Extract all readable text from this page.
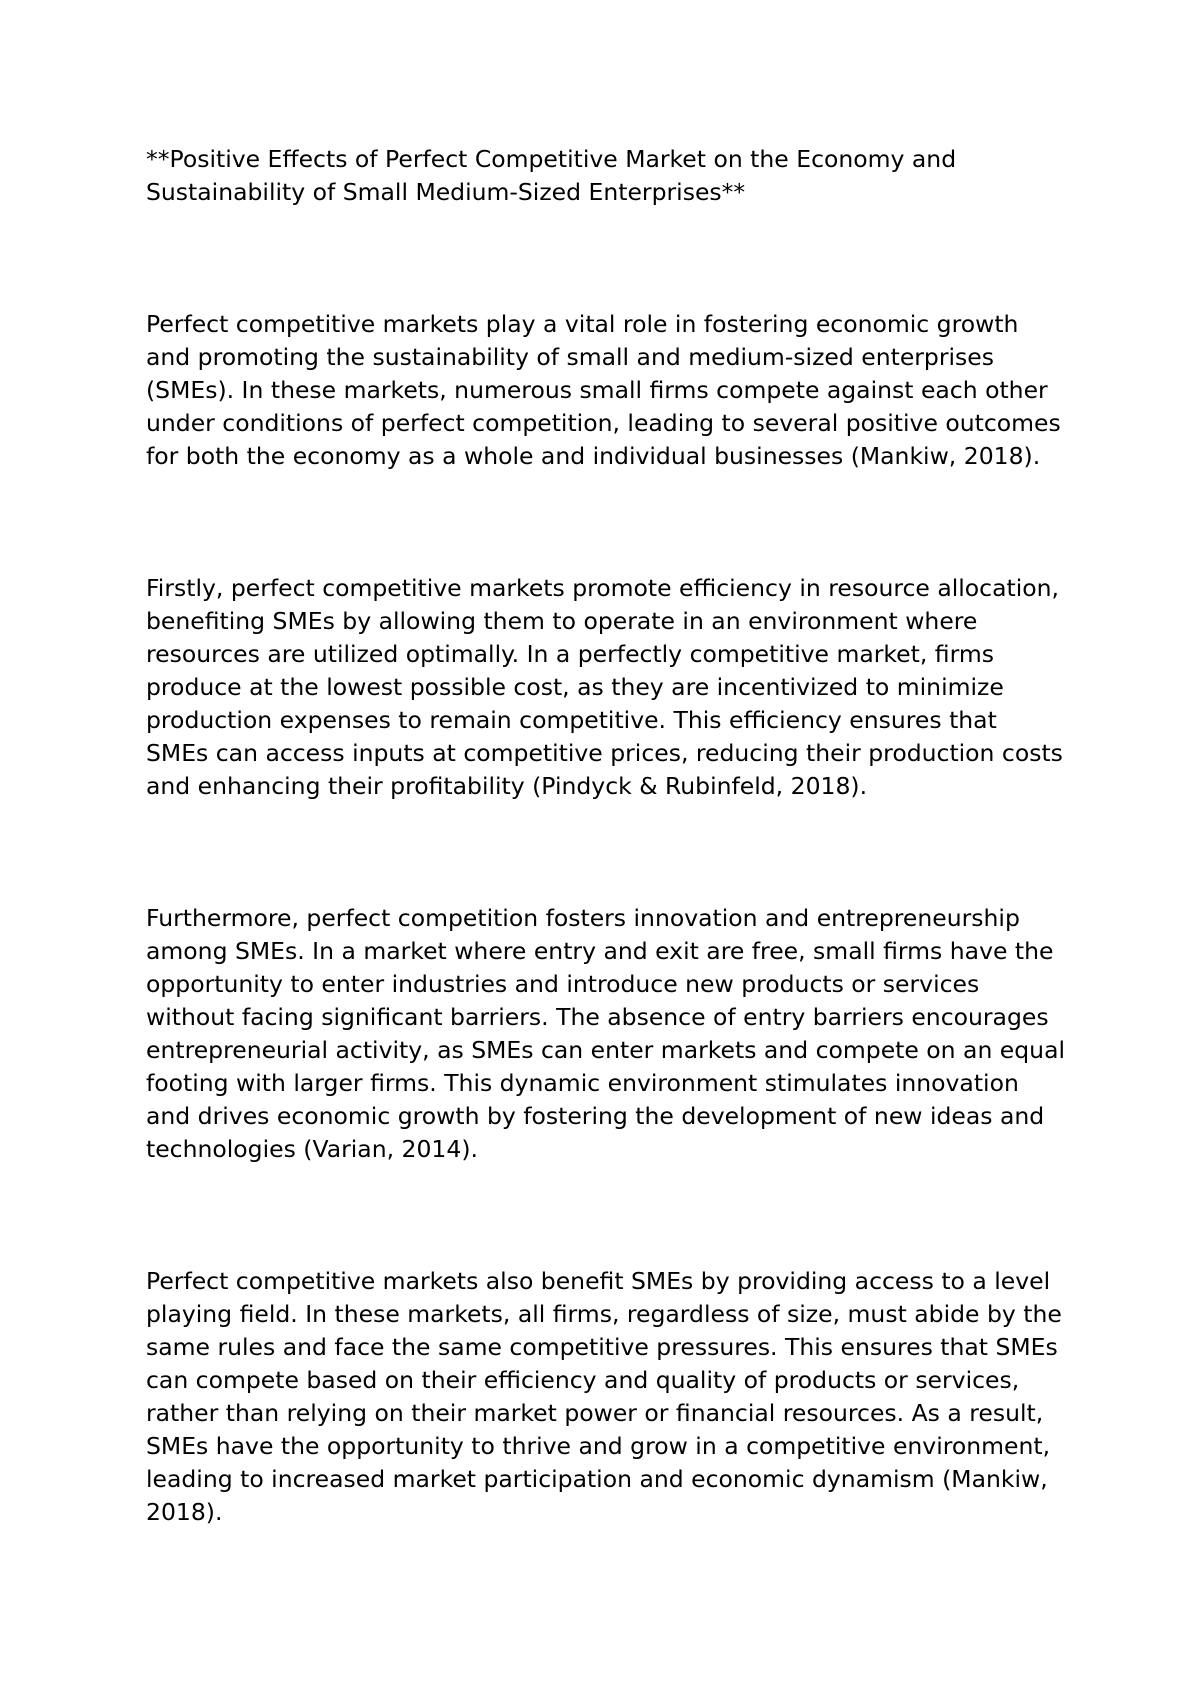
**Positive Effects of Perfect Competitive Market on the Economy and Sustainability of Small Medium-Sized Enterprises**

Perfect competitive markets play a vital role in fostering economic growth and promoting the sustainability of small and medium-sized enterprises (SMEs). In these markets, numerous small firms compete against each other under conditions of perfect competition, leading to several positive outcomes for both the economy as a whole and individual businesses (Mankiw, 2018).

Firstly, perfect competitive markets promote efficiency in resource allocation, benefiting SMEs by allowing them to operate in an environment where resources are utilized optimally. In a perfectly competitive market, firms produce at the lowest possible cost, as they are incentivized to minimize production expenses to remain competitive. This efficiency ensures that SMEs can access inputs at competitive prices, reducing their production costs and enhancing their profitability (Pindyck & Rubinfeld, 2018).

Furthermore, perfect competition fosters innovation and entrepreneurship among SMEs. In a market where entry and exit are free, small firms have the opportunity to enter industries and introduce new products or services without facing significant barriers. The absence of entry barriers encourages entrepreneurial activity, as SMEs can enter markets and compete on an equal footing with larger firms. This dynamic environment stimulates innovation and drives economic growth by fostering the development of new ideas and technologies (Varian, 2014).

Perfect competitive markets also benefit SMEs by providing access to a level playing field. In these markets, all firms, regardless of size, must abide by the same rules and face the same competitive pressures. This ensures that SMEs can compete based on their efficiency and quality of products or services, rather than relying on their market power or financial resources. As a result, SMEs have the opportunity to thrive and grow in a competitive environment, leading to increased market participation and economic dynamism (Mankiw, 2018).
